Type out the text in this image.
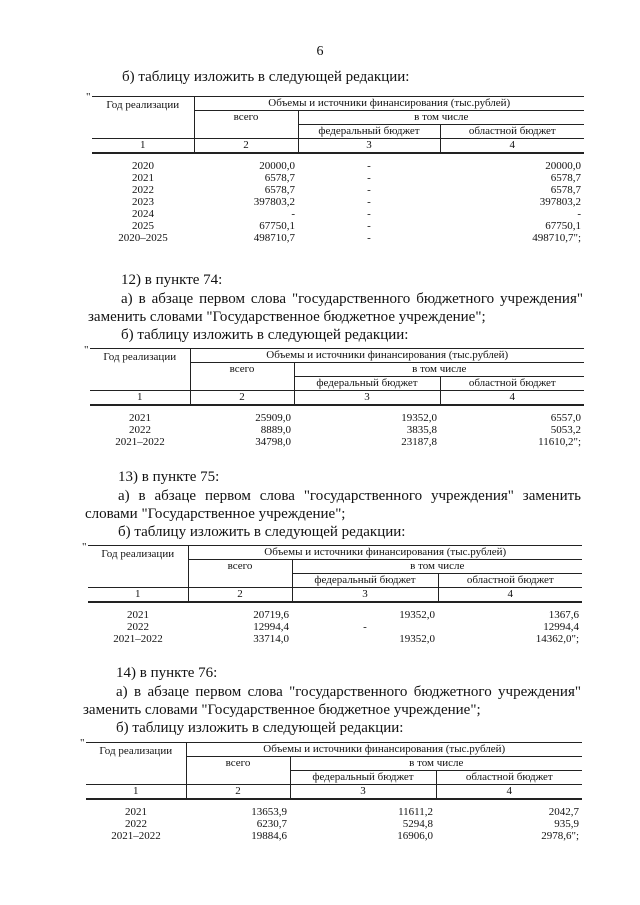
6
б) таблицу изложить в следующей редакции:
"
Год реализации	Объемы и источники финансирования (тыс.рублей)		
	всего	в том числе	
		федеральный бюджет	областной бюджет
1	2	3	4
2020	20000,0	-	20000,0
2021	6578,7	-	6578,7
2022	6578,7	-	6578,7
2023	397803,2	-	397803,2
2024	-	-	-
2025	67750,1	-	67750,1
2020–2025	498710,7	-	498710,7";
12) в пункте 74:
а) в абзаце первом слова "государственного бюджетного учреждения"
заменить словами "Государственное бюджетное учреждение";
б) таблицу изложить в следующей редакции:
"
Год реализации	Объемы и источники финансирования (тыс.рублей)		
	всего	в том числе	
		федеральный бюджет	областной бюджет
1	2	3	4
2021	25909,0	19352,0	6557,0
2022	8889,0	3835,8	5053,2
2021–2022	34798,0	23187,8	11610,2";
13) в пункте 75:
а) в абзаце первом слова "государственного учреждения" заменить
словами "Государственное учреждение";
б) таблицу изложить в следующей редакции:
"
Год реализации	Объемы и источники финансирования (тыс.рублей)		
	всего	в том числе	
		федеральный бюджет	областной бюджет
1	2	3	4
2021	20719,6	19352,0	1367,6
2022	12994,4	-	12994,4
2021–2022	33714,0	19352,0	14362,0";
14) в пункте 76:
а) в абзаце первом слова "государственного бюджетного учреждения"
заменить словами "Государственное бюджетное учреждение";
б) таблицу изложить в следующей редакции:
"
Год реализации	Объемы и источники финансирования (тыс.рублей)		
	всего	в том числе	
		федеральный бюджет	областной бюджет
1	2	3	4
2021	13653,9	11611,2	2042,7
2022	6230,7	5294,8	935,9
2021–2022	19884,6	16906,0	2978,6";
